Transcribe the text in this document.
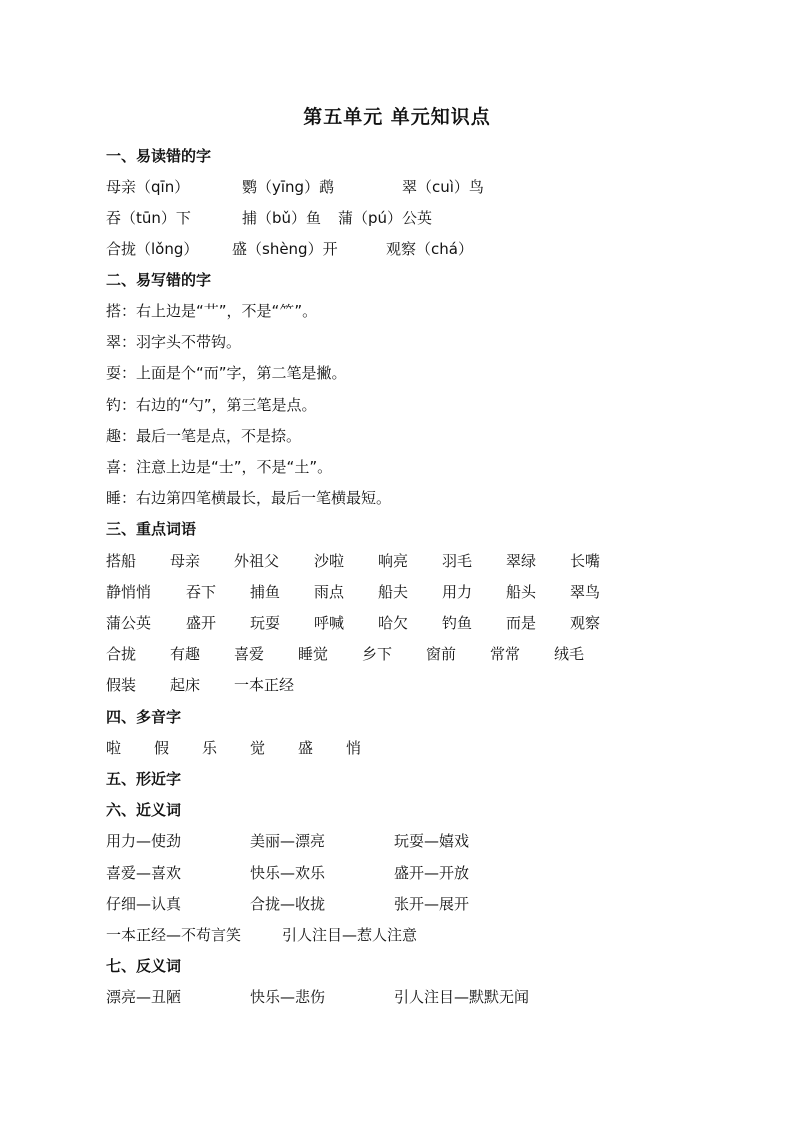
第五单元 单元知识点
一、易读错的字
母亲（qīn）	鹦（yīng）鹉	翠（cuì）鸟
吞（tūn）下	捕（bǔ）鱼 蒲（pú）公英
合拢（lǒng） 盛（shèng）开	观察（chá）
二、易写错的字
搭：右上边是“艹”，不是“⺮”。
翠：羽字头不带钩。
耍：上面是个“而”字，第二笔是撇。
钓：右边的“勺”，第三笔是点。
趣：最后一笔是点，不是捺。
喜：注意上边是“士”，不是“土”。
睡：右边第四笔横最长，最后一笔横最短。
三、重点词语
搭船 母亲 外祖父 沙啦 响亮 羽毛 翠绿 长嘴
静悄悄 吞下 捕鱼 雨点 船夫 用力 船头 翠鸟
蒲公英 盛开 玩耍 呼喊 哈欠 钓鱼 而是 观察
合拢 有趣 喜爱 睡觉 乡下 窗前 常常 绒毛
假装 起床 一本正经
四、多音字
啦 假 乐 觉 盛 悄
五、形近字
六、近义词
用力—使劲	美丽—漂亮	玩耍—嬉戏
喜爱—喜欢	快乐—欢乐	盛开—开放
仔细—认真	合拢—收拢	张开—展开
一本正经—不苟言笑	引人注目—惹人注意
七、反义词
漂亮—丑陋	快乐—悲伤	引人注目—默默无闻
